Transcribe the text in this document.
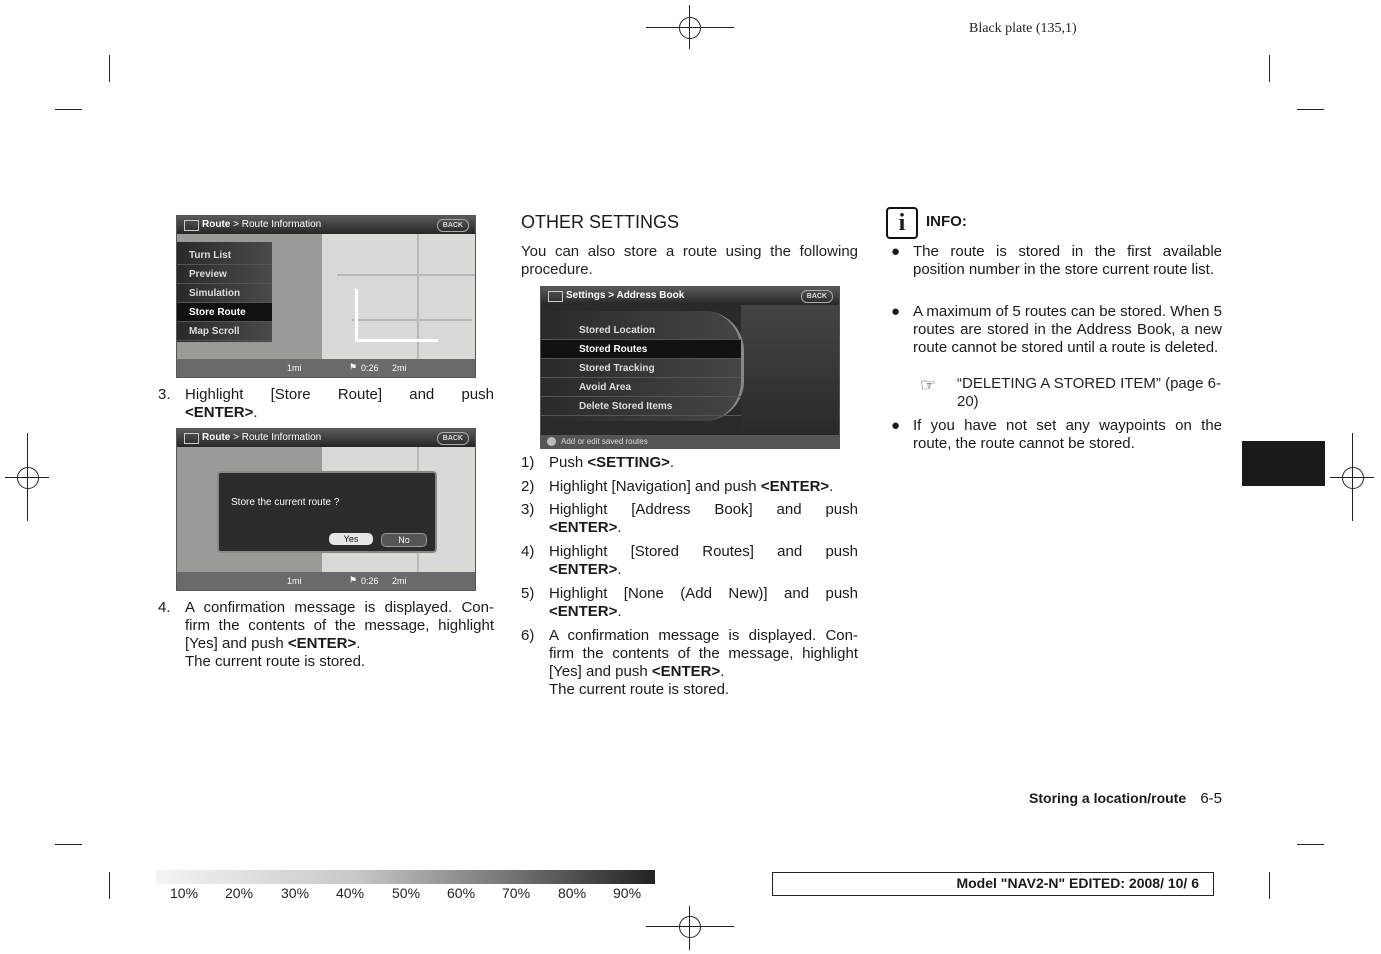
Black plate (135,1)
Route > Route Information	BACK
Turn List
Preview
Simulation
Store Route
Map Scroll
1mi	⚑ 0:26 2mi
3. Highlight [Store Route] and push
<ENTER>.
Route > Route Information	BACK
Store the current route ?
Yes	No
1mi	⚑ 0:26 2mi
4. A confirmation message is displayed. Con-
firm the contents of the message, highlight
[Yes] and push <ENTER>.
The current route is stored.
OTHER SETTINGS
You can also store a route using the following
procedure.
Settings > Address Book	BACK
Stored Location
Stored Routes
Stored Tracking
Avoid Area
Delete Stored Items
Add or edit saved routes
1) Push <SETTING>.
2) Highlight [Navigation] and push <ENTER>.
3) Highlight [Address Book] and push
<ENTER>.
4) Highlight [Stored Routes] and push
<ENTER>.
5) Highlight [None (Add New)] and push
<ENTER>.
6) A confirmation message is displayed. Con-
firm the contents of the message, highlight
[Yes] and push <ENTER>.
The current route is stored.
i	INFO:
● The route is stored in the first available position number in the store current route list.
● A maximum of 5 routes can be stored. When 5 routes are stored in the Address Book, a new route cannot be stored until a route is deleted.
☞ “DELETING A STORED ITEM” (page 6-20)
● If you have not set any waypoints on the route, the route cannot be stored.
Storing a location/route 6-5
10% 20% 30% 40% 50% 60% 70% 80% 90%
Model "NAV2-N" EDITED: 2008/ 10/ 6
